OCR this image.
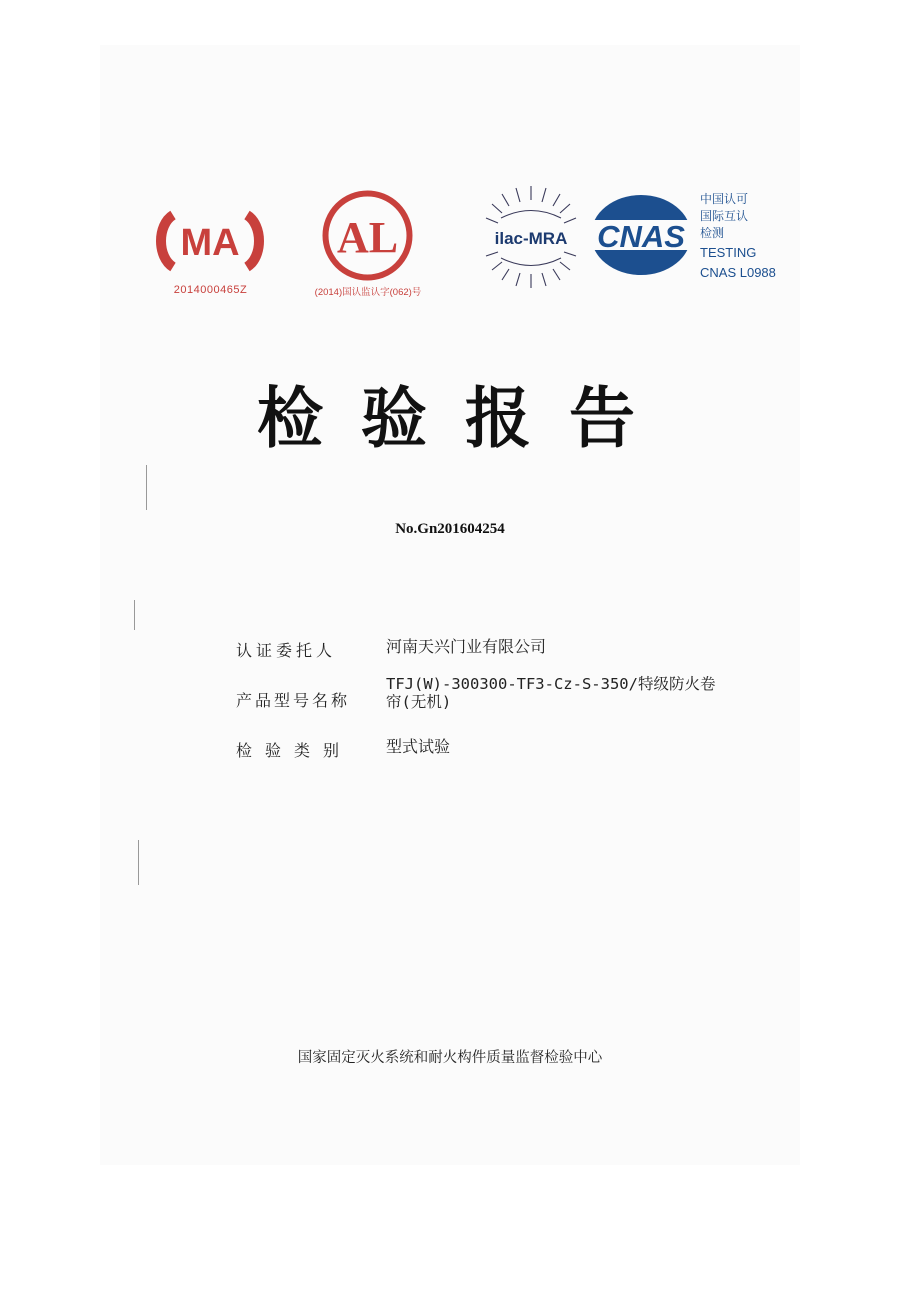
MA
2014000465Z
AL
(2014)国认监认字(062)号
ilac-MRA CNAS
中国认可
国际互认
检测
TESTING
CNAS L0988
检验报告
No.Gn201604254
认证委托人	河南天兴门业有限公司
产品型号名称
TFJ(W)-300300-TF3-Cz-S-350/特级防火卷
帘(无机)
检验类别	型式试验
国家固定灭火系统和耐火构件质量监督检验中心
